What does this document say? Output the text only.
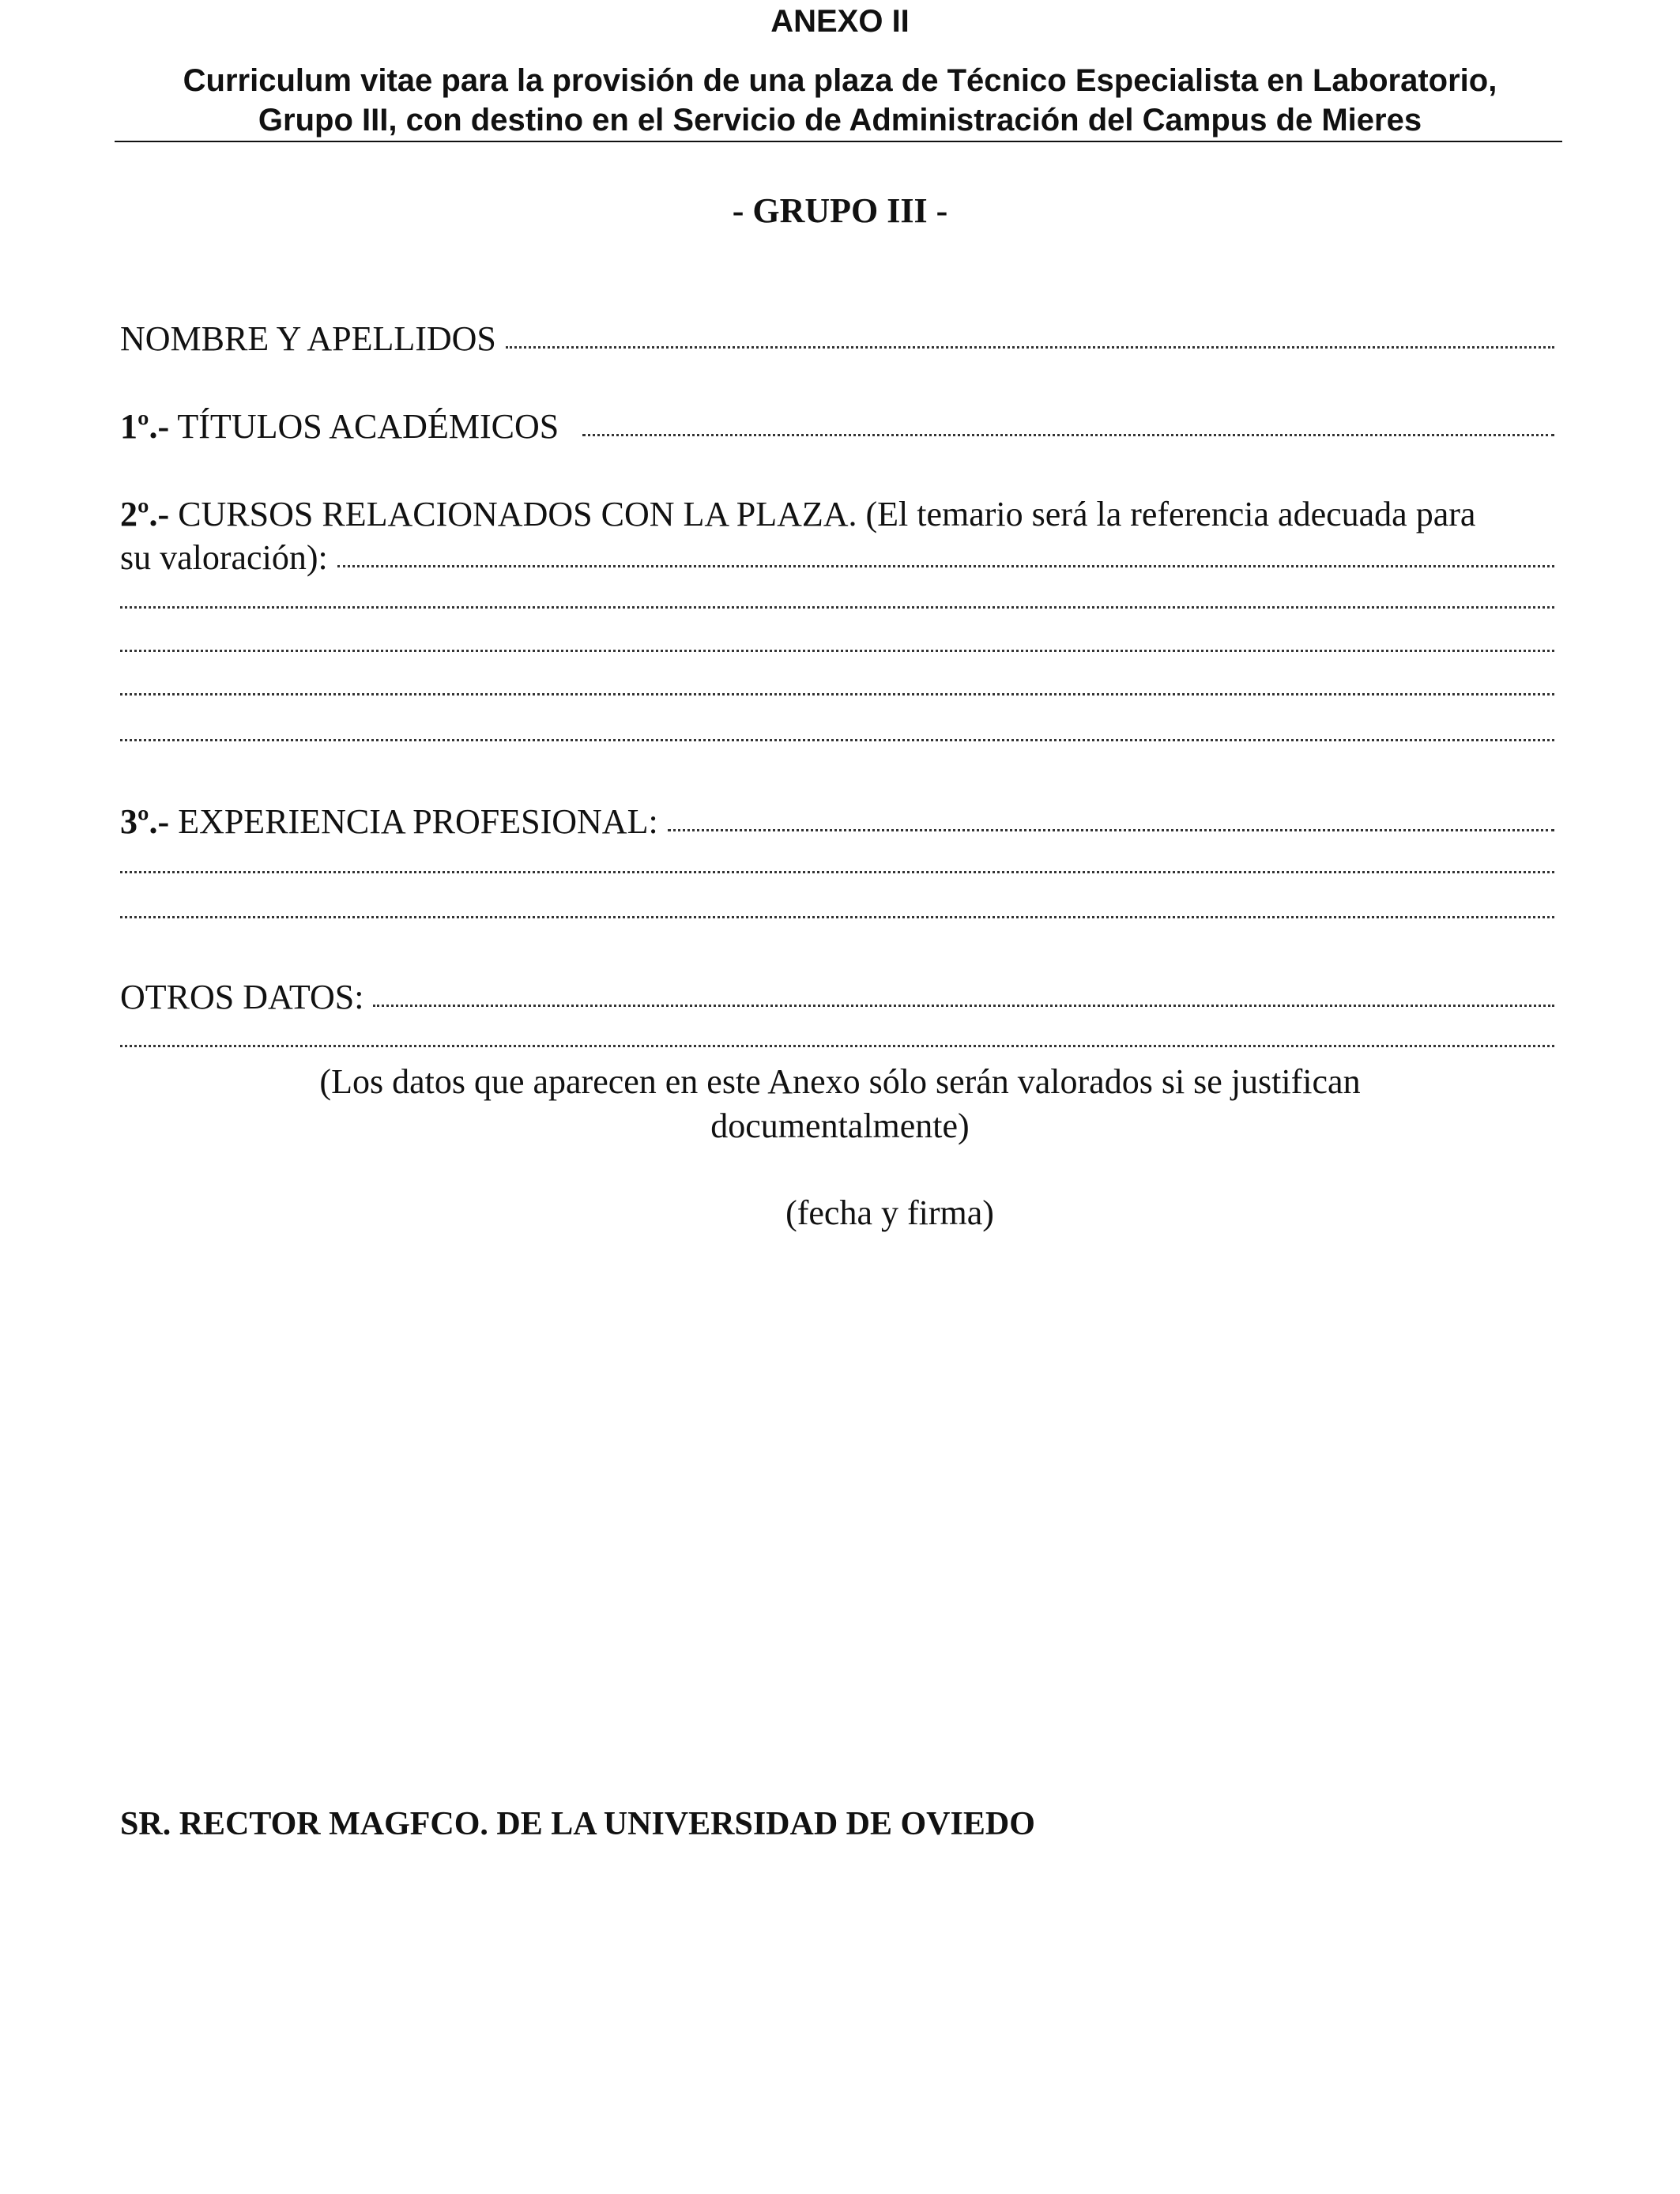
ANEXO II
Curriculum vitae para la provisión de una plaza de Técnico Especialista en Laboratorio,
Grupo III, con destino en el Servicio de Administración del Campus de Mieres
- GRUPO III -
NOMBRE Y APELLIDOS
1º.- TÍTULOS ACADÉMICOS
2º.- CURSOS RELACIONADOS CON LA PLAZA. (El temario será la referencia adecuada para
su valoración):
3º.- EXPERIENCIA PROFESIONAL:
OTROS DATOS:
(Los datos que aparecen en este Anexo sólo serán valorados si se justifican
documentalmente)
(fecha y firma)
SR. RECTOR MAGFCO. DE LA UNIVERSIDAD DE OVIEDO
